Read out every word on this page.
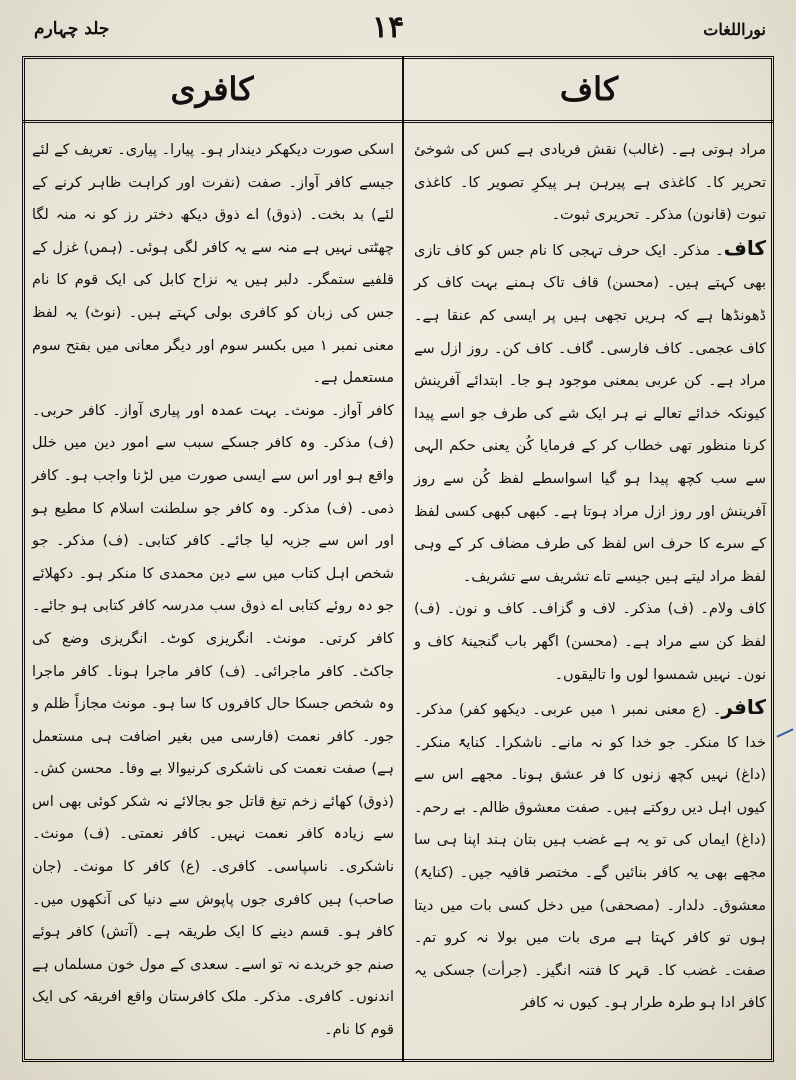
جلد چہارم	۱۴	نوراللغات
کاف
کافری

مراد ہوتی ہے۔ (غالب) نقش فریادی ہے کس کی شوخیٔ تحریر کا۔ کاغذی ہے پیرہن ہر پیکرِ تصویر کا۔ کاغذی تبوت (قانون) مذکر۔ تحریری ثبوت۔

کاف۔ مذکر۔ ایک حرف تہجی کا نام جس کو کاف تازی بھی کہتے ہیں۔ (محسن) قاف تاک ہمنے بہت کاف کر ڈھونڈھا ہے کہ ہریں تجھی ہیں پر ایسی کم عنقا ہے۔ کاف عجمی۔ کاف فارسی۔ گاف۔ کاف کن۔ روز ازل سے مراد ہے۔ کن عربی بمعنی موجود ہو جا۔ ابتدائے آفرینش کیونکہ خدائے تعالے نے ہر ایک شے کی طرف جو اسے پیدا کرنا منظور تھی خطاب کر کے فرمایا کُن یعنی حکم الہی سے سب کچھ پیدا ہو گیا اسواسطے لفظ کُن سے روز آفرینش اور روز ازل مراد ہوتا ہے۔ کبھی کبھی کسی لفظ کے سرے کا حرف اس لفظ کی طرف مضاف کر کے وہی لفظ مراد لیتے ہیں جیسے تاے تشریف سے تشریف۔

کاف ولام۔ (ف) مذکر۔ لاف و گزاف۔ کاف و نون۔ (ف) لفظ کن سے مراد ہے۔ (محسن) اگھر باب گنجینۂ کاف و نون۔ نہیں شمسوا لوں وا تالیقوں۔

کافر۔ (ع معنی نمبر ۱ میں عربی۔ دیکھو کفر) مذکر۔ خدا کا منکر۔ جو خدا کو نہ مانے۔ ناشکرا۔ کنایۃً منکر۔ (داغ) نہیں کچھ زنوں کا فر عشق ہونا۔ مجھے اس سے کیوں اہل دیں روکتے ہیں۔ صفت معشوق ظالم۔ بے رحم۔ (داغ) ایماں کی تو یہ ہے غضب ہیں بتان ہند اپنا ہی سا مجھے بھی یہ کافر بنائیں گے۔ مختصر قافیہ جیں۔ (کنایۃً) معشوق۔ دلدار۔ (مصحفی) میں دخل کسی بات میں دیتا ہوں تو کافر کہتا ہے مری بات میں بولا نہ کرو تم۔ صفت۔ غضب کا۔ قہر کا فتنہ انگیز۔ (جرأت) جسکی یہ کافر ادا ہو طرہ طرار ہو۔ کیوں نہ کافر

اسکی صورت دیکھکر دیندار ہو۔ پیارا۔ پیاری۔ تعریف کے لئے جیسے کافر آواز۔ صفت (نفرت اور کراہت ظاہر کرنے کے لئے) بد بخت۔ (ذوق) اے ذوق دیکھ دختر رز کو نہ منہ لگا چھٹتی نہیں ہے منہ سے یہ کافر لگی ہوئی۔ (ہمں) غزل کے قلفیے ستمگر۔ دلبر ہیں یہ نزاح کابل کی ایک قوم کا نام جس کی زبان کو کافری بولی کہتے ہیں۔ (نوٹ) یہ لفظ معنی نمبر ۱ میں بکسر سوم اور دیگر معانی میں بفتح سوم مستعمل ہے۔

کافر آواز۔ مونث۔ بہت عمدہ اور پیاری آواز۔ کافر حربی۔ (ف) مذکر۔ وہ کافر جسکے سبب سے امور دین میں خلل واقع ہو اور اس سے ایسی صورت میں لڑنا واجب ہو۔ کافر ذمی۔ (ف) مذکر۔ وہ کافر جو سلطنت اسلام کا مطیع ہو اور اس سے جزیہ لیا جائے۔ کافر کتابی۔ (ف) مذکر۔ جو شخص اہل کتاب میں سے دین محمدی کا منکر ہو۔ دکھلائے جو دہ روئے کتابی اے ذوق سب مدرسہ کافر کتابی ہو جائے۔ کافر کرتی۔ مونث۔ انگریزی کوٹ۔ انگریزی وضع کی جاکٹ۔ کافر ماجرائی۔ (ف) کافر ماجرا ہونا۔ کافر ماجرا وہ شخص جسکا حال کافروں کا سا ہو۔ مونث مجازاً ظلم و جور۔ کافر نعمت (فارسی میں بغیر اضافت ہی مستعمل ہے) صفت نعمت کی ناشکری کرنیوالا بے وفا۔ محسن کش۔ (ذوق) کھائے زخم تیغ قاتل جو بجالائے نہ شکر کوئی بھی اس سے زیادہ کافر نعمت نہیں۔ کافر نعمتی۔ (ف) مونث۔ ناشکری۔ ناسپاسی۔ کافری۔ (ع) کافر کا مونث۔ (جان صاحب) ہیں کافری جوں پاپوش سے دنیا کی آنکھوں میں۔ کافر ہو۔ قسم دینے کا ایک طریقہ ہے۔ (آتش) کافر ہوئے صنم جو خریدے نہ تو اسے۔ سعدی کے مول خون مسلماں ہے اندنوں۔ کافری۔ مذکر۔ ملک کافرستان واقع افریقہ کی ایک قوم کا نام۔
